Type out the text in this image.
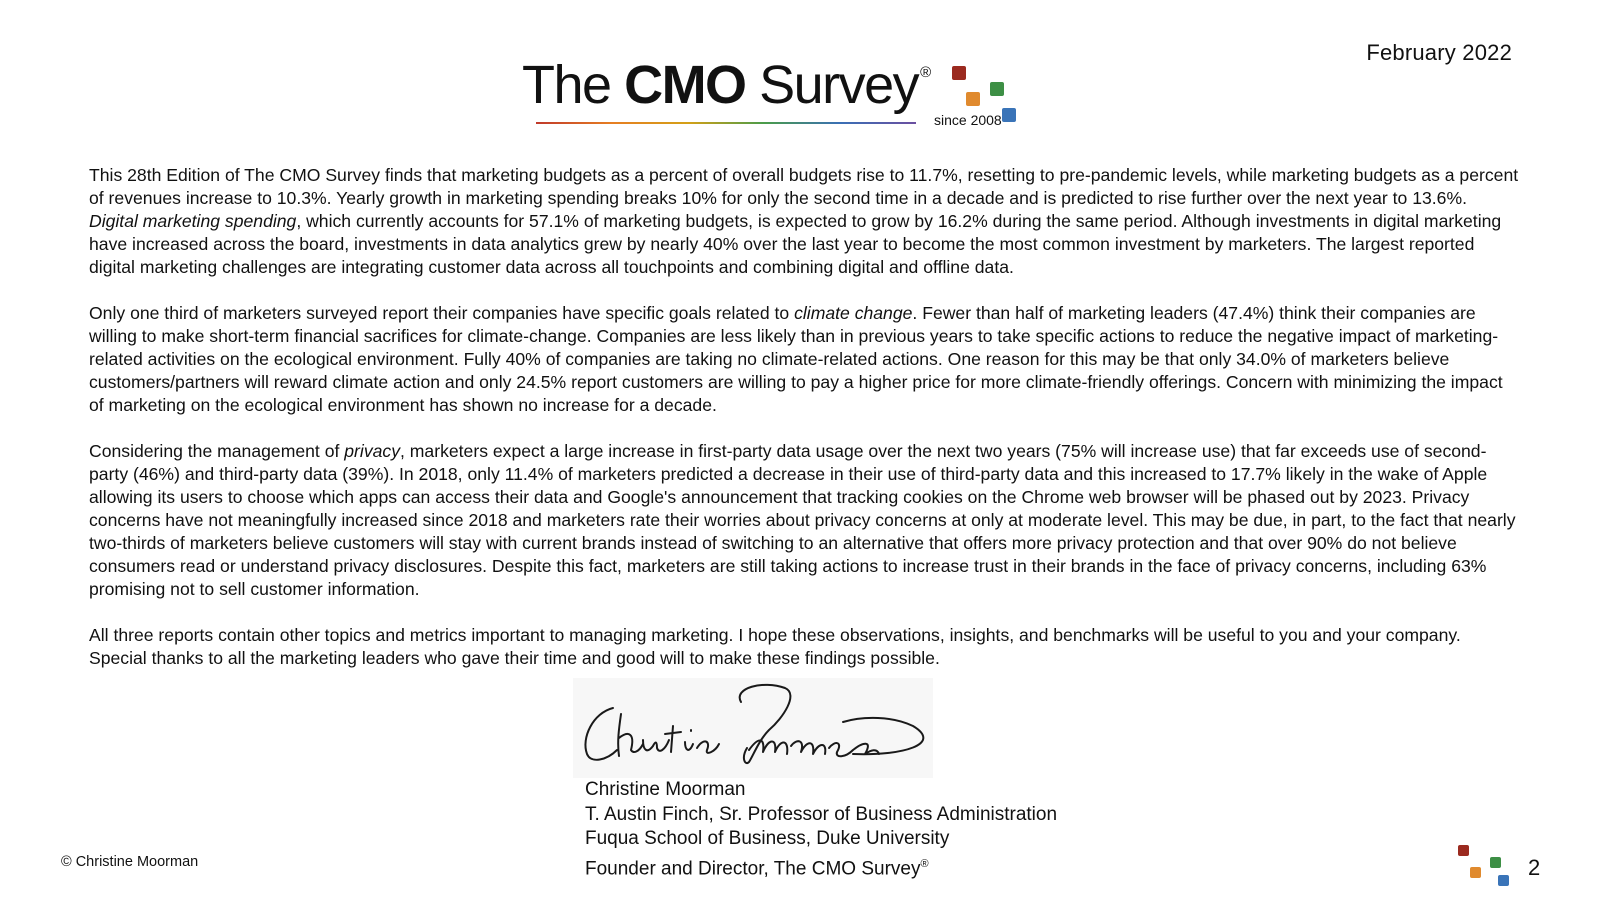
February 2022
The CMO Survey ®
since 2008

This 28th Edition of The CMO Survey finds that marketing budgets as a percent of overall budgets rise to 11.7%, resetting to pre-pandemic levels, while marketing budgets as a percent of revenues increase to 10.3%. Yearly growth in marketing spending breaks 10% for only the second time in a decade and is predicted to rise further over the next year to 13.6%. Digital marketing spending, which currently accounts for 57.1% of marketing budgets, is expected to grow by 16.2% during the same period. Although investments in digital marketing have increased across the board, investments in data analytics grew by nearly 40% over the last year to become the most common investment by marketers. The largest reported digital marketing challenges are integrating customer data across all touchpoints and combining digital and offline data.

Only one third of marketers surveyed report their companies have specific goals related to climate change. Fewer than half of marketing leaders (47.4%) think their companies are willing to make short-term financial sacrifices for climate-change. Companies are less likely than in previous years to take specific actions to reduce the negative impact of marketing-related activities on the ecological environment. Fully 40% of companies are taking no climate-related actions. One reason for this may be that only 34.0% of marketers believe customers/partners will reward climate action and only 24.5% report customers are willing to pay a higher price for more climate-friendly offerings. Concern with minimizing the impact of marketing on the ecological environment has shown no increase for a decade.

Considering the management of privacy, marketers expect a large increase in first-party data usage over the next two years (75% will increase use) that far exceeds use of second-party (46%) and third-party data (39%). In 2018, only 11.4% of marketers predicted a decrease in their use of third-party data and this increased to 17.7% likely in the wake of Apple allowing its users to choose which apps can access their data and Google's announcement that tracking cookies on the Chrome web browser will be phased out by 2023. Privacy concerns have not meaningfully increased since 2018 and marketers rate their worries about privacy concerns at only at moderate level. This may be due, in part, to the fact that nearly two-thirds of marketers believe customers will stay with current brands instead of switching to an alternative that offers more privacy protection and that over 90% do not believe consumers read or understand privacy disclosures. Despite this fact, marketers are still taking actions to increase trust in their brands in the face of privacy concerns, including 63% promising not to sell customer information.

All three reports contain other topics and metrics important to managing marketing. I hope these observations, insights, and benchmarks will be useful to you and your company. Special thanks to all the marketing leaders who gave their time and good will to make these findings possible.

Christine Moorman
T. Austin Finch, Sr. Professor of Business Administration
Fuqua School of Business, Duke University
Founder and Director, The CMO Survey®
© Christine Moorman	2
